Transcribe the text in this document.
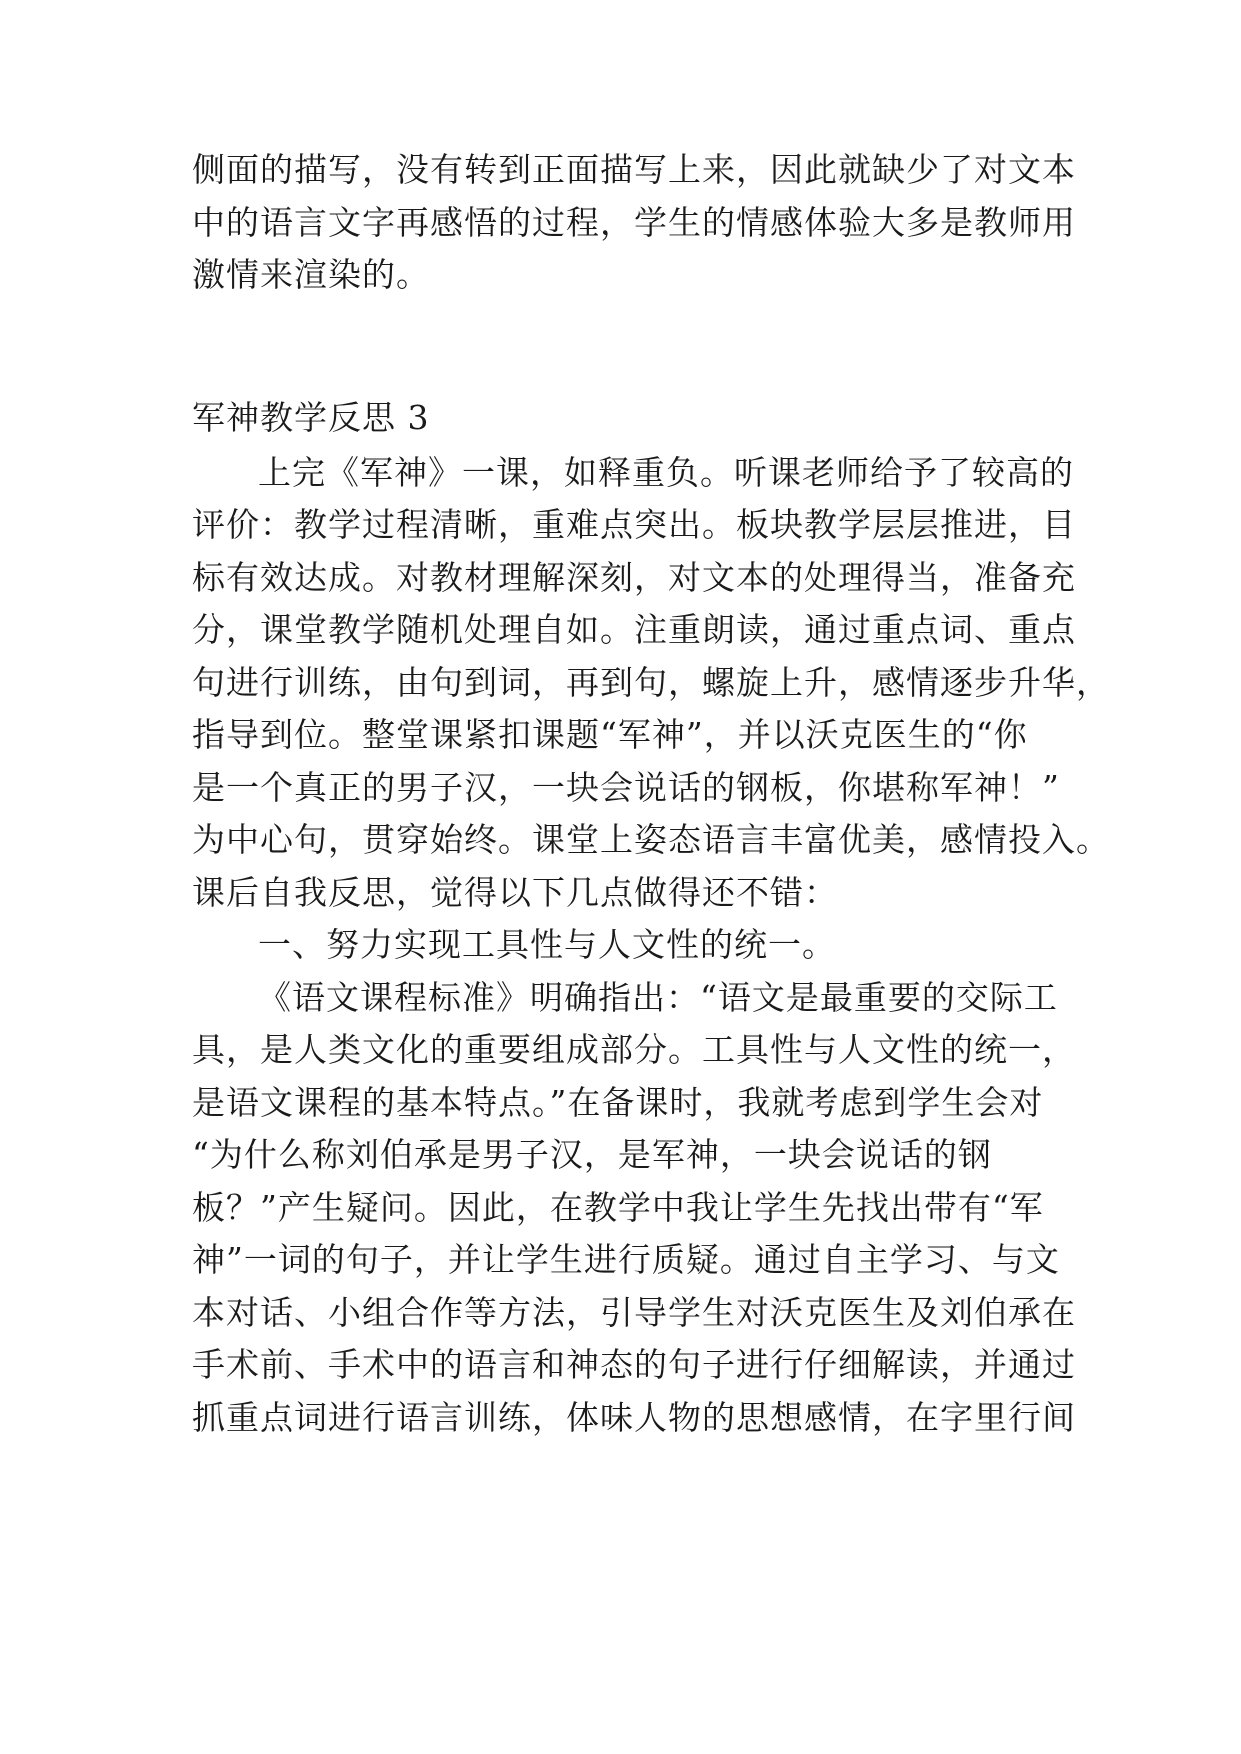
侧面的描写，没有转到正面描写上来，因此就缺少了对文本
中的语言文字再感悟的过程，学生的情感体验大多是教师用
激情来渲染的。
军神教学反思 3
上完《军神》一课，如释重负。听课老师给予了较高的
评价：教学过程清晰，重难点突出。板块教学层层推进，目
标有效达成。对教材理解深刻，对文本的处理得当，准备充
分，课堂教学随机处理自如。注重朗读，通过重点词、重点
句进行训练，由句到词，再到句，螺旋上升，感情逐步升华，
指导到位。整堂课紧扣课题“军神”，并以沃克医生的“你
是一个真正的男子汉，一块会说话的钢板，你堪称军神！”
为中心句，贯穿始终。课堂上姿态语言丰富优美，感情投入。
课后自我反思，觉得以下几点做得还不错：
一、努力实现工具性与人文性的统一。
《语文课程标准》明确指出：“语文是最重要的交际工
具，是人类文化的重要组成部分。工具性与人文性的统一，
是语文课程的基本特点。”在备课时，我就考虑到学生会对
“为什么称刘伯承是男子汉，是军神，一块会说话的钢
板？”产生疑问。因此，在教学中我让学生先找出带有“军
神”一词的句子，并让学生进行质疑。通过自主学习、与文
本对话、小组合作等方法，引导学生对沃克医生及刘伯承在
手术前、手术中的语言和神态的句子进行仔细解读，并通过
抓重点词进行语言训练，体味人物的思想感情，在字里行间
